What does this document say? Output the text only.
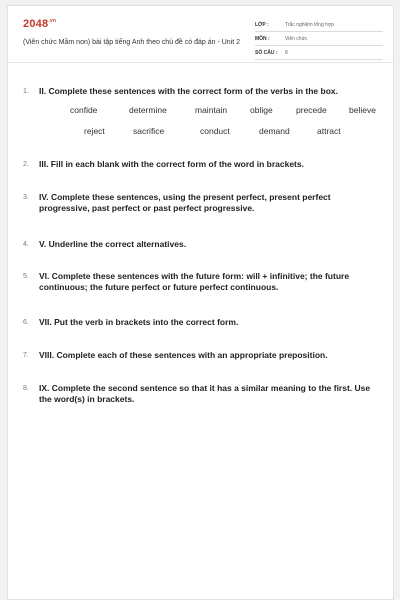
$2048^{.vn}$
(Viên chức Mầm non) bài tập tiếng Anh theo chủ đề có đáp án - Unit 2
LỚP :	Trắc nghiệm tổng hợp
MÔN :	Viên chức
SỐ CÂU :	8
1.	II. Complete these sentences with the correct form of the verbs in the box.
confide	determine	maintain	oblige	precede	believe
reject	sacrifice	conduct	demand	attract
2.	III. Fill in each blank with the correct form of the word in brackets.
3.	IV. Complete these sentences, using the present perfect, present perfect progressive, past perfect or past perfect progressive.
4.	V. Underline the correct alternatives.
5.	VI. Complete these sentences with the future form: will + infinitive; the future continuous; the future perfect or future perfect continuous.
6.	VII. Put the verb in brackets into the correct form.
7.	VIII. Complete each of these sentences with an appropriate preposition.
8.	IX. Complete the second sentence so that it has a similar meaning to the first. Use the word(s) in brackets.
